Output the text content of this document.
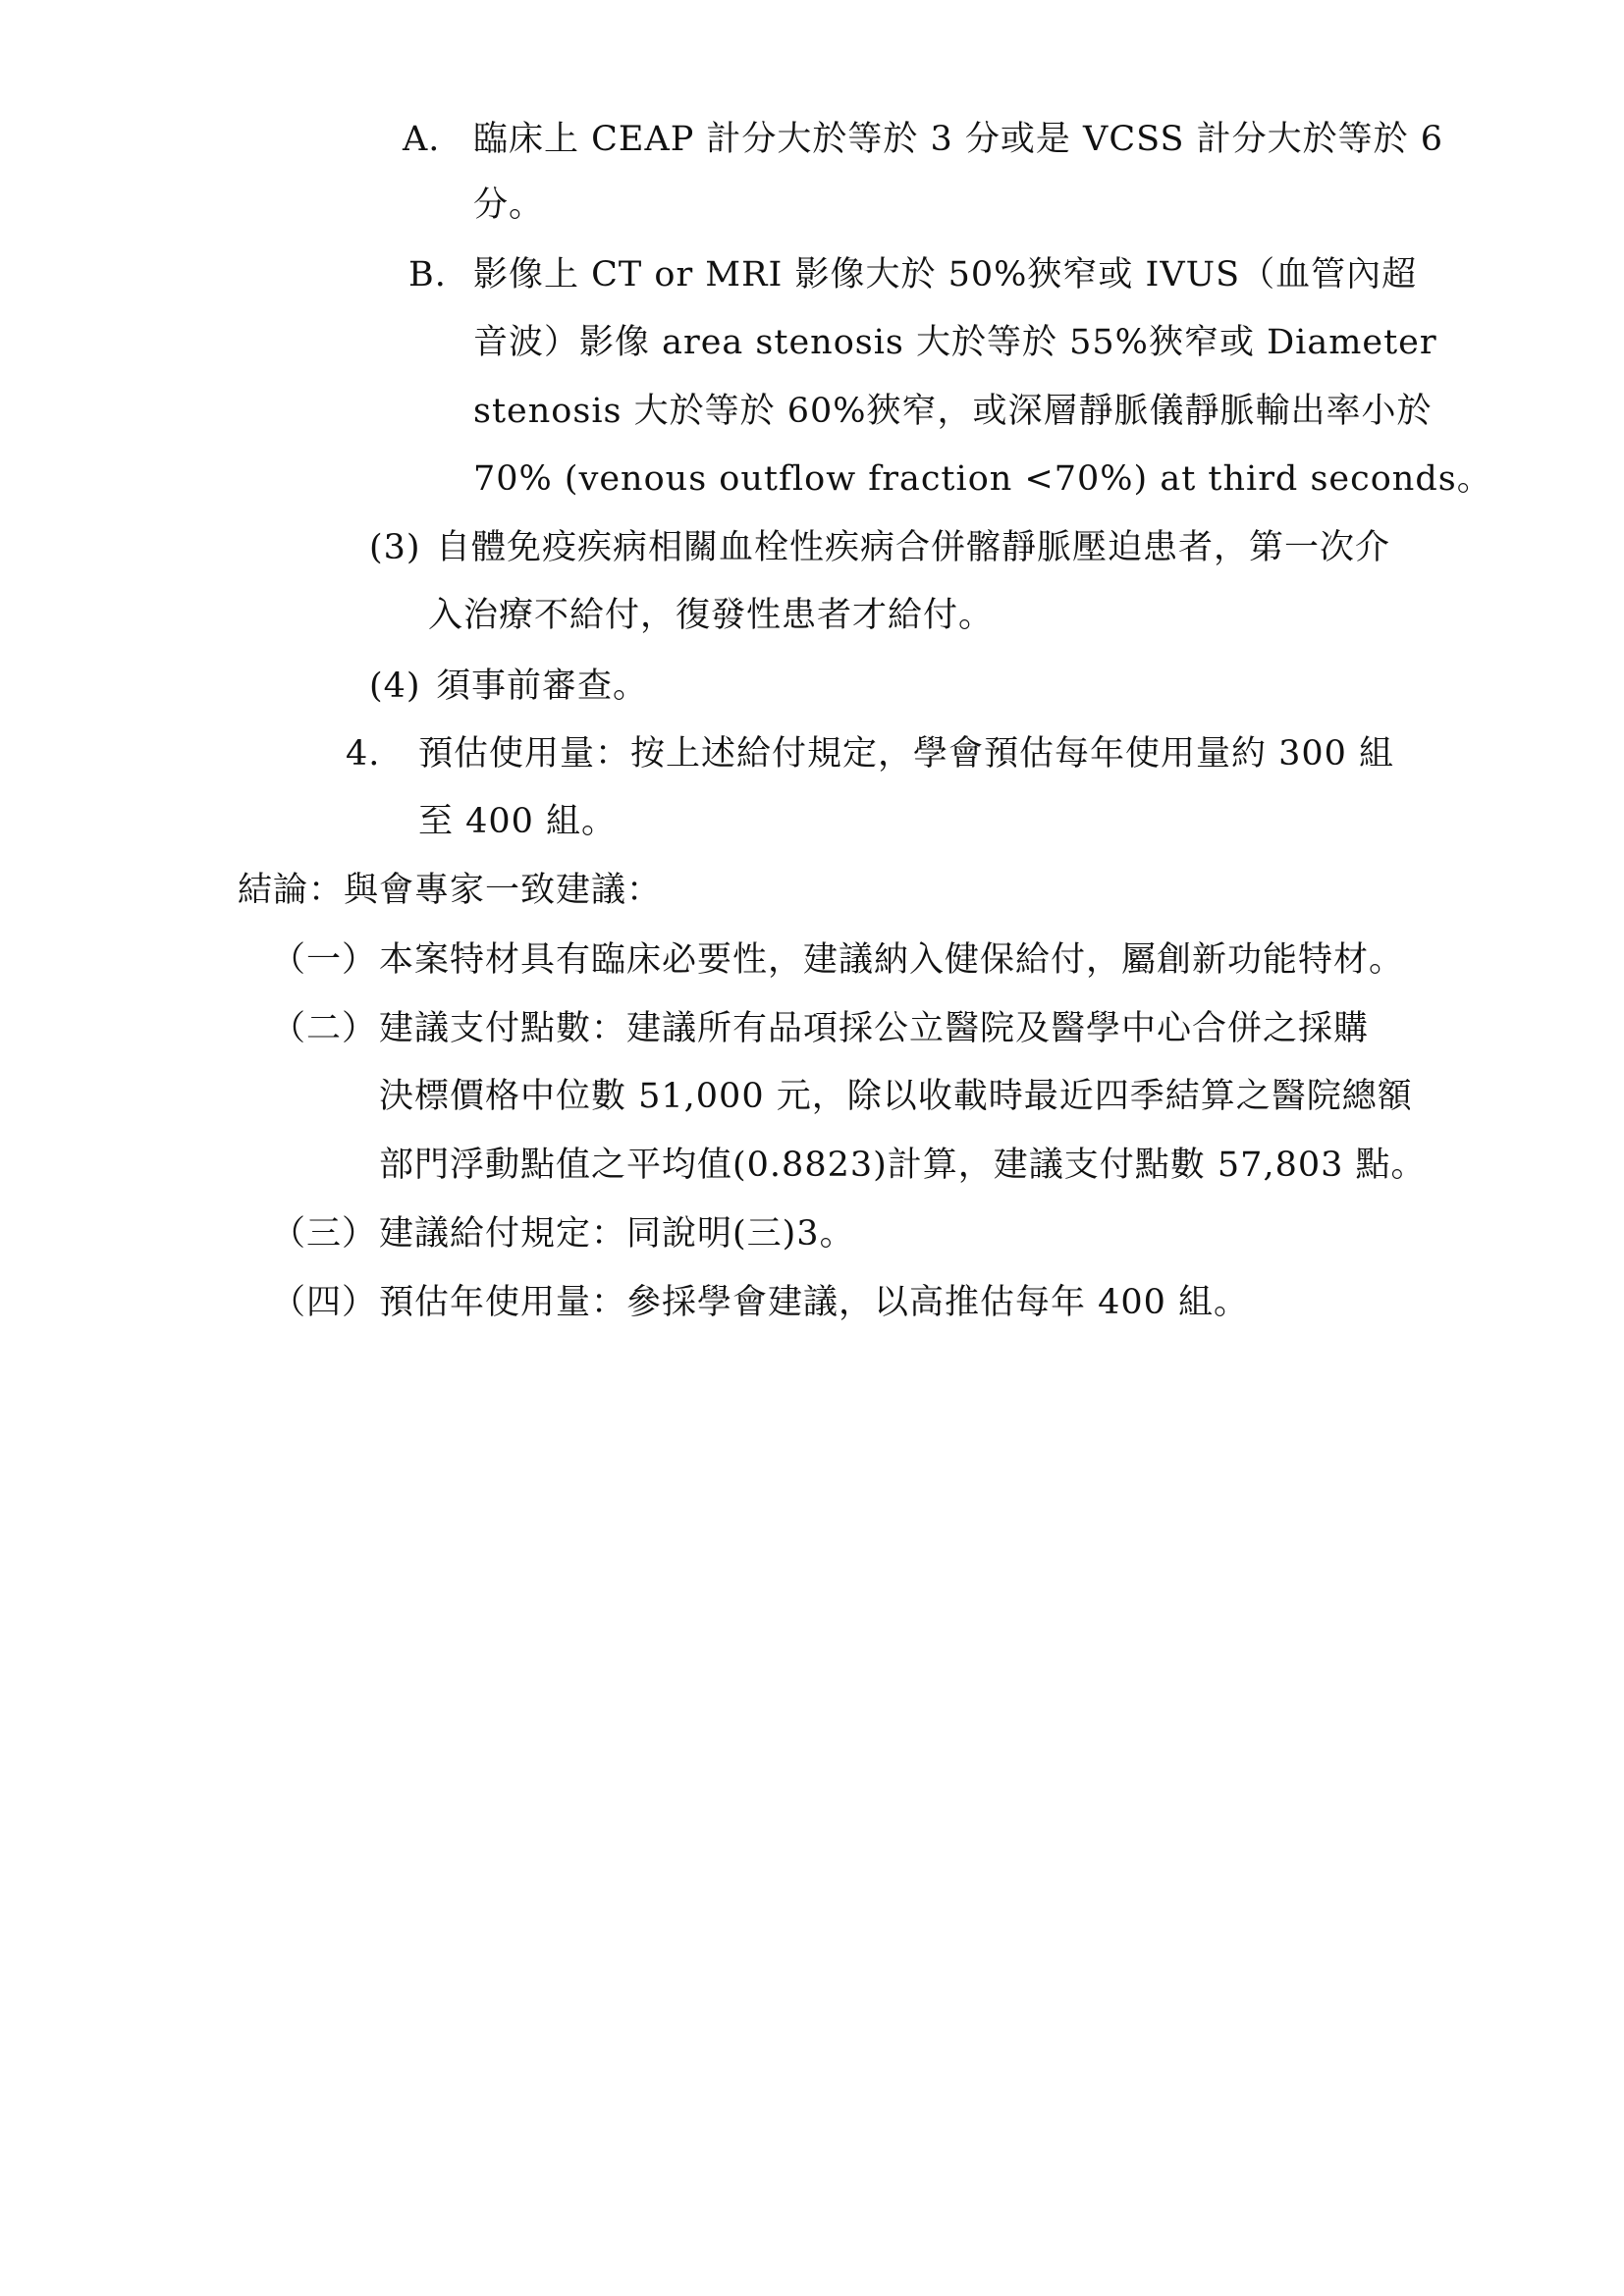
A. 臨床上 CEAP 計分大於等於 3 分或是 VCSS 計分大於等於 6
分。
B. 影像上 CT or MRI 影像大於 50%狹窄或 IVUS（血管內超
音波）影像 area stenosis 大於等於 55%狹窄或 Diameter
stenosis 大於等於 60%狹窄，或深層靜脈儀靜脈輸出率小於
70% (venous outflow fraction <70%) at third seconds。
(3) 自體免疫疾病相關血栓性疾病合併髂靜脈壓迫患者，第一次介
入治療不給付，復發性患者才給付。
(4) 須事前審查。
4. 預估使用量：按上述給付規定，學會預估每年使用量約 300 組
至 400 組。
結論：與會專家一致建議：
（一）本案特材具有臨床必要性，建議納入健保給付，屬創新功能特材。
（二）建議支付點數：建議所有品項採公立醫院及醫學中心合併之採購
決標價格中位數 51,000 元，除以收載時最近四季結算之醫院總額
部門浮動點值之平均值(0.8823)計算，建議支付點數 57,803 點。
（三）建議給付規定：同說明(三)3。
（四）預估年使用量：參採學會建議，以高推估每年 400 組。
